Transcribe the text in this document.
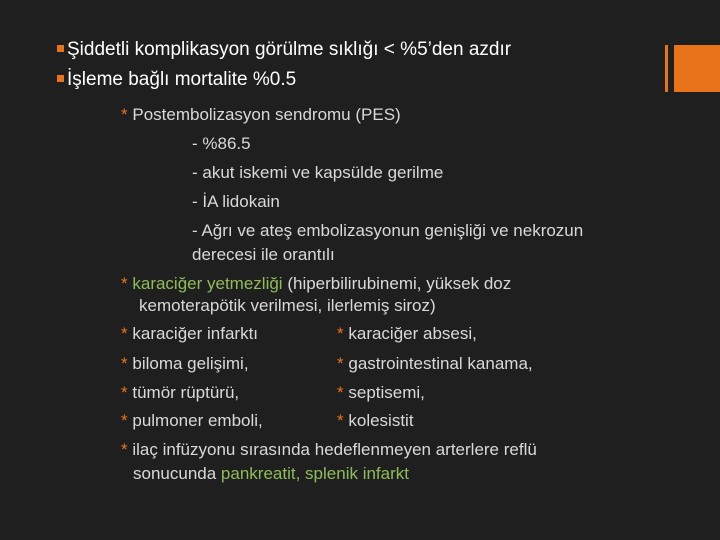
Şiddetli komplikasyon görülme sıklığı < %5’den azdır
İşleme bağlı mortalite %0.5
* Postembolizasyon sendromu (PES)
- %86.5
- akut iskemi ve kapsülde gerilme
- İA lidokain
- Ağrı ve ateş embolizasyonun genişliği ve nekrozun
derecesi ile orantılı
* karaciğer yetmezliği (hiperbilirubinemi, yüksek doz
kemoterapötik verilmesi, ilerlemiş siroz)
* karaciğer infarktı	* karaciğer absesi,
* biloma gelişimi,	* gastrointestinal kanama,
* tümör rüptürü,	* septisemi,
* pulmoner emboli,	* kolesistit
* ilaç infüzyonu sırasında hedeflenmeyen arterlere reflü
sonucunda pankreatit, splenik infarkt
